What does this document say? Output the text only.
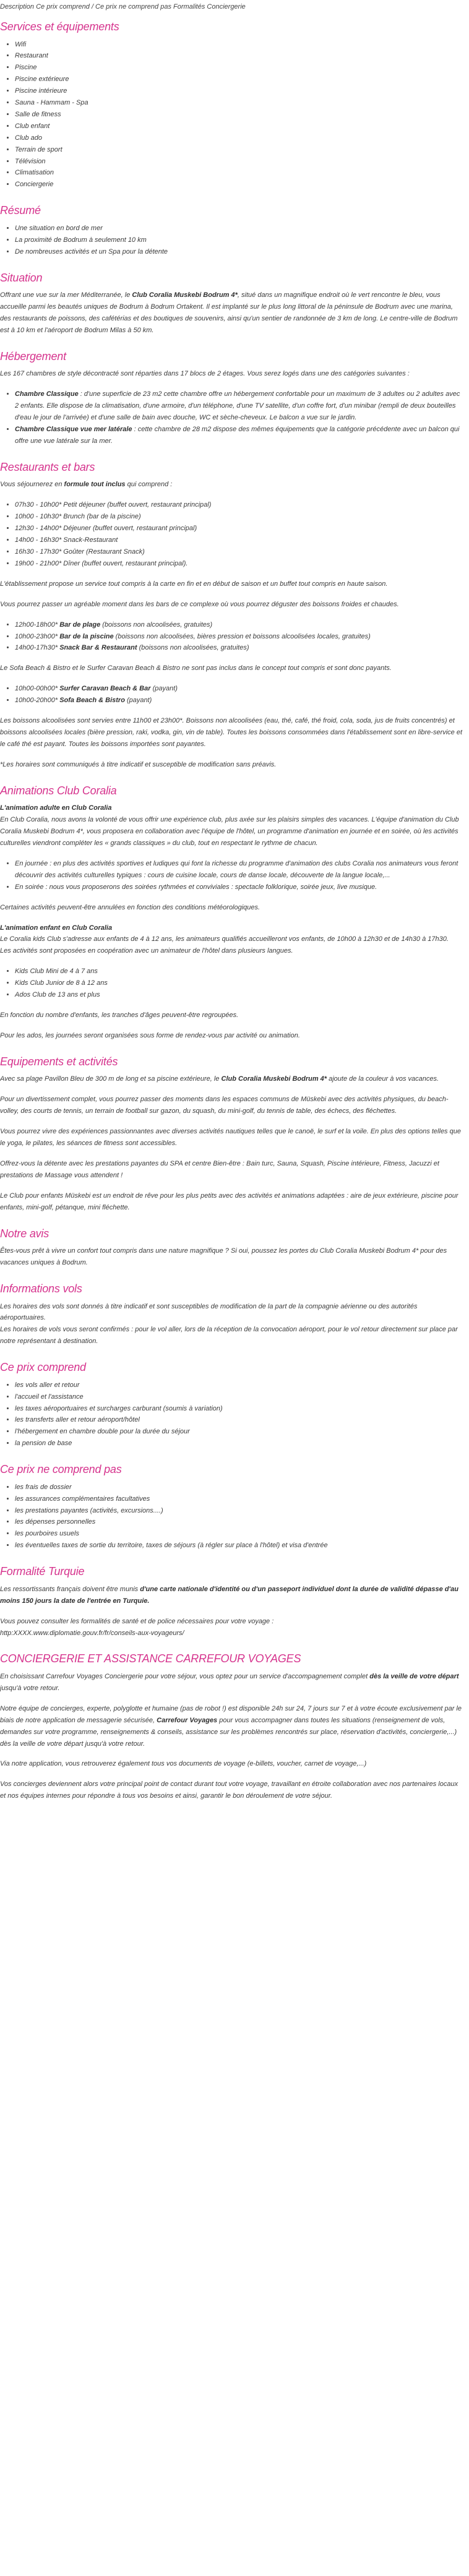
Description Ce prix comprend / Ce prix ne comprend pas Formalités Conciergerie

Services et équipements
• Wifi
• Restaurant
• Piscine
• Piscine extérieure
• Piscine intérieure
• Sauna - Hammam - Spa
• Salle de fitness
• Club enfant
• Club ado
• Terrain de sport
• Télévision
• Climatisation
• Conciergerie
Résumé
• Une situation en bord de mer
• La proximité de Bodrum à seulement 10 km
• De nombreuses activités et un Spa pour la détente
Situation

Offrant une vue sur la mer Méditerranée, le Club Coralia Muskebi Bodrum 4*, situé dans un magnifique endroit où le vert rencontre le bleu, vous accueille parmi les beautés uniques de Bodrum à Bodrum Ortakent. Il est implanté sur le plus long littoral de la péninsule de Bodrum avec une marina, des restaurants de poissons, des cafétérias et des boutiques de souvenirs, ainsi qu'un sentier de randonnée de 3 km de long. Le centre-ville de Bodrum est à 10 km et l'aéroport de Bodrum Milas à 50 km.

Hébergement

Les 167 chambres de style décontracté sont réparties dans 17 blocs de 2 étages. Vous serez logés dans une des catégories suivantes :

• Chambre Classique : d'une superficie de 23 m2 cette chambre offre un hébergement confortable pour un maximum de 3 adultes ou 2 adultes avec 2 enfants. Elle dispose de la climatisation, d'une armoire, d'un téléphone, d'une TV satellite, d'un coffre fort, d'un minibar (rempli de deux bouteilles d'eau le jour de l'arrivée) et d'une salle de bain avec douche, WC et sèche-cheveux. Le balcon a vue sur le jardin.
• Chambre Classique vue mer latérale : cette chambre de 28 m2 dispose des mêmes équipements que la catégorie précédente avec un balcon qui offre une vue latérale sur la mer.
Restaurants et bars

Vous séjournerez en formule tout inclus qui comprend :

• 07h30 - 10h00* Petit déjeuner (buffet ouvert, restaurant principal)
• 10h00 - 10h30* Brunch (bar de la piscine)
• 12h30 - 14h00* Déjeuner (buffet ouvert, restaurant principal)
• 14h00 - 16h30* Snack-Restaurant
• 16h30 - 17h30* Goûter (Restaurant Snack)
• 19h00 - 21h00* Dîner (buffet ouvert, restaurant principal).

L'établissement propose un service tout compris à la carte en fin et en début de saison et un buffet tout compris en haute saison.

Vous pourrez passer un agréable moment dans les bars de ce complexe où vous pourrez déguster des boissons froides et chaudes.

• 12h00-18h00* Bar de plage (boissons non alcoolisées, gratuites)
• 10h00-23h00* Bar de la piscine (boissons non alcoolisées, bières pression et boissons alcoolisées locales, gratuites)
• 14h00-17h30* Snack Bar & Restaurant (boissons non alcoolisées, gratuites)

Le Sofa Beach & Bistro et le Surfer Caravan Beach & Bistro ne sont pas inclus dans le concept tout compris et sont donc payants.

• 10h00-00h00* Surfer Caravan Beach & Bar (payant)
• 10h00-20h00* Sofa Beach & Bistro (payant)

Les boissons alcoolisées sont servies entre 11h00 et 23h00*. Boissons non alcoolisées (eau, thé, café, thé froid, cola, soda, jus de fruits concentrés) et boissons alcoolisées locales (bière pression, raki, vodka, gin, vin de table). Toutes les boissons consommées dans l'établissement sont en libre-service et le café thé est payant. Toutes les boissons importées sont payantes.

*Les horaires sont communiqués à titre indicatif et susceptible de modification sans préavis.

Animations Club Coralia

L'animation adulte en Club Coralia

En Club Coralia, nous avons la volonté de vous offrir une expérience club, plus axée sur les plaisirs simples des vacances. L'équipe d'animation du Club Coralia Muskebi Bodrum 4*, vous proposera en collaboration avec l'équipe de l'hôtel, un programme d'animation en journée et en soirée, où les activités culturelles viendront compléter les « grands classiques » du club, tout en respectant le rythme de chacun.

• En journée : en plus des activités sportives et ludiques qui font la richesse du programme d'animation des clubs Coralia nos animateurs vous feront découvrir des activités culturelles typiques : cours de cuisine locale, cours de danse locale, découverte de la langue locale,...
• En soirée : nous vous proposerons des soirées rythmées et conviviales : spectacle folklorique, soirée jeux, live musique.

Certaines activités peuvent-être annulées en fonction des conditions météorologiques.

L'animation enfant en Club Coralia

Le Coralia kids Club s'adresse aux enfants de 4 à 12 ans, les animateurs qualifiés accueilleront vos enfants, de 10h00 à 12h30 et de 14h30 à 17h30.

Les activités sont proposées en coopération avec un animateur de l'hôtel dans plusieurs langues.

• Kids Club Mini de 4 à 7 ans
• Kids Club Junior de 8 à 12 ans
• Ados Club de 13 ans et plus

En fonction du nombre d'enfants, les tranches d'âges peuvent-être regroupées.

Pour les ados, les journées seront organisées sous forme de rendez-vous par activité ou animation.

Equipements et activités

Avec sa plage Pavillon Bleu de 300 m de long et sa piscine extérieure, le Club Coralia Muskebi Bodrum 4* ajoute de la couleur à vos vacances.

Pour un divertissement complet, vous pourrez passer des moments dans les espaces communs de Müskebi avec des activités physiques, du beach-volley, des courts de tennis, un terrain de football sur gazon, du squash, du mini-golf, du tennis de table, des échecs, des fléchettes.

Vous pourrez vivre des expériences passionnantes avec diverses activités nautiques telles que le canoë, le surf et la voile. En plus des options telles que le yoga, le pilates, les séances de fitness sont accessibles.

Offrez-vous la détente avec les prestations payantes du SPA et centre Bien-être : Bain turc, Sauna, Squash, Piscine intérieure, Fitness, Jacuzzi et prestations de Massage vous attendent !

Le Club pour enfants Müskebi est un endroit de rêve pour les plus petits avec des activités et animations adaptées : aire de jeux extérieure, piscine pour enfants, mini-golf, pétanque, mini fléchette.

Notre avis

Êtes-vous prêt à vivre un confort tout compris dans une nature magnifique ? Si oui, poussez les portes du Club Coralia Muskebi Bodrum 4* pour des vacances uniques à Bodrum.

Informations vols

Les horaires des vols sont donnés à titre indicatif et sont susceptibles de modification de la part de la compagnie aérienne ou des autorités aéroportuaires.

Les horaires de vols vous seront confirmés : pour le vol aller, lors de la réception de la convocation aéroport, pour le vol retour directement sur place par notre représentant à destination.

Ce prix comprend
• les vols aller et retour
• l'accueil et l'assistance
• les taxes aéroportuaires et surcharges carburant (soumis à variation)
• les transferts aller et retour aéroport/hôtel
• l'hébergement en chambre double pour la durée du séjour
• la pension de base
Ce prix ne comprend pas
• les frais de dossier
• les assurances complémentaires facultatives
• les prestations payantes (activités, excursions....)
• les dépenses personnelles
• les pourboires usuels
• les éventuelles taxes de sortie du territoire, taxes de séjours (à régler sur place à l'hôtel) et visa d'entrée
Formalité Turquie

Les ressortissants français doivent être munis d'une carte nationale d'identité ou d'un passeport individuel dont la durée de validité dépasse d'au moins 150 jours la date de l'entrée en Turquie.

Vous pouvez consulter les formalités de santé et de police nécessaires pour votre voyage :
http:XXXX.www.diplomatie.gouv.fr/fr/conseils-aux-voyageurs/

CONCIERGERIE ET ASSISTANCE CARREFOUR VOYAGES

En choisissant Carrefour Voyages Conciergerie pour votre séjour, vous optez pour un service d'accompagnement complet dès la veille de votre départ jusqu'à votre retour.

Notre équipe de concierges, experte, polyglotte et humaine (pas de robot !) est disponible 24h sur 24, 7 jours sur 7 et à votre écoute exclusivement par le biais de notre application de messagerie sécurisée, Carrefour Voyages pour vous accompagner dans toutes les situations (renseignement de vols, demandes sur votre programme, renseignements & conseils, assistance sur les problèmes rencontrés sur place, réservation d'activités, conciergerie,...) dès la veille de votre départ jusqu'à votre retour.

Via notre application, vous retrouverez également tous vos documents de voyage (e-billets, voucher, carnet de voyage,...)

Vos concierges deviennent alors votre principal point de contact durant tout votre voyage, travaillant en étroite collaboration avec nos partenaires locaux et nos équipes internes pour répondre à tous vos besoins et ainsi, garantir le bon déroulement de votre séjour.
